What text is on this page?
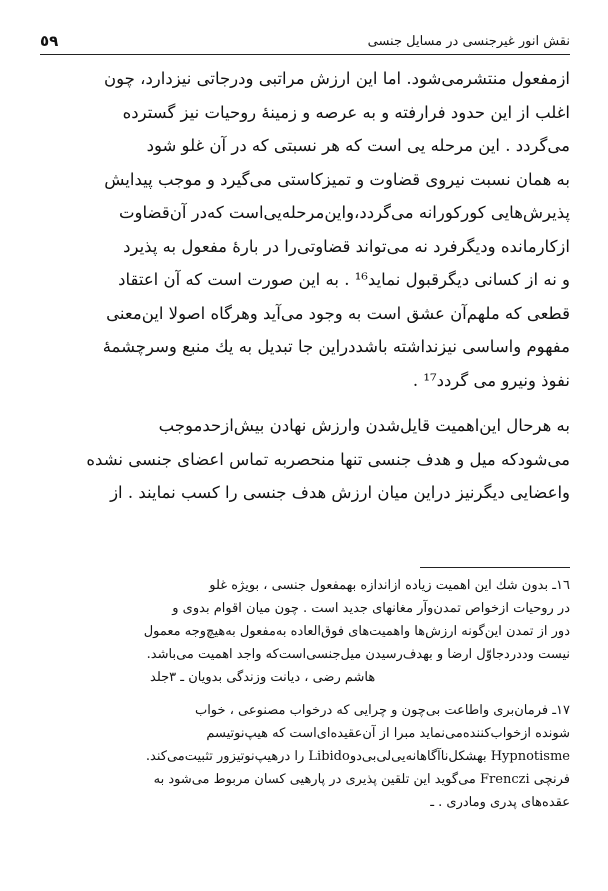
٥٩	نقش انور غیرجنسی در مسایل جنسی

ازمفعول منتشرمی‌شود. اما این ارزش مراتبی ودرجاتی نیزدارد، چون
اغلب از این حدود فرارفته و به عرصه و زمینهٔ روحیات نیز گسترده
می‌گردد . این مرحله یی است که هر نسبتی که در آن غلو شود
به همان نسبت نیروی قضاوت و تمیزکاستی می‌گیرد و موجب پیدایش
پذیرش‌هایی کورکورانه می‌گردد،واین‌مرحله‌یی‌است که‌در آن‌قضاوت
ازکارمانده ودیگرفرد نه می‌تواند قضاوتی‌را در بارهٔ مفعول به پذیرد
و نه از کسانی دیگرقبول نماید¹⁶ . به این صورت است که آن اعتقاد
قطعی که ملهم‌آن عشق است به وجود می‌آید وهرگاه اصولا این‌معنی
مفهوم واساسی نیزنداشته باشد‌در‌این جا تبدیل به یك منبع وسرچشمهٔ
نفوذ ونیرو می گردد¹⁷ .

به هرحال این‌اهمیت قایل‌شدن وارزش نهادن بیش‌ازحدموجب
می‌شودکه میل و هدف جنسی تنها منحصربه تماس اعضای جنسی نشده
واعضایی دیگرنیز دراین میان ارزش هدف جنسی را کسب نمایند . از

١٦ـ بدون شك این اهمیت زیاده ازاندازه بهمفعول جنسی ، بویژه غلو
در روحیات ازخواص تمدن‌وآر مغانهای جدید است . چون میان اقوام بدوی و
دور از تمدن این‌گونه ارزش‌ها واهمیت‌های فوق‌العاده به‌مفعول به‌هیچ‌وجه معمول
نیست وددردجاوّل ارضا و بهدف‌رسیدن میل‌جنسی‌است‌که واجد اهمیت می‌باشد.
هاشم رضی ، دیانت وزندگی بدویان ـ ٣جلد
١٧ـ فرمان‌بری واطاعت بی‌چون و چرایی که درخواب مصنوعی ، خواب
شونده ازخواب‌کننده‌می‌نماید مبرا از آن‌عقیده‌ای‌است که هیپ‌نوتیسم
Hypnotisme بهشکل‌ناآگاهانه‌یی‌لی‌بی‌دوLibido را درهیپ‌نوتیزور تثبیت‌می‌کند.
فرنچی Frenczi می‌گوید این تلقین پذیری در پارهیی کسان مربوط می‌شود به
عقده‌های پدری ومادری . ـ
